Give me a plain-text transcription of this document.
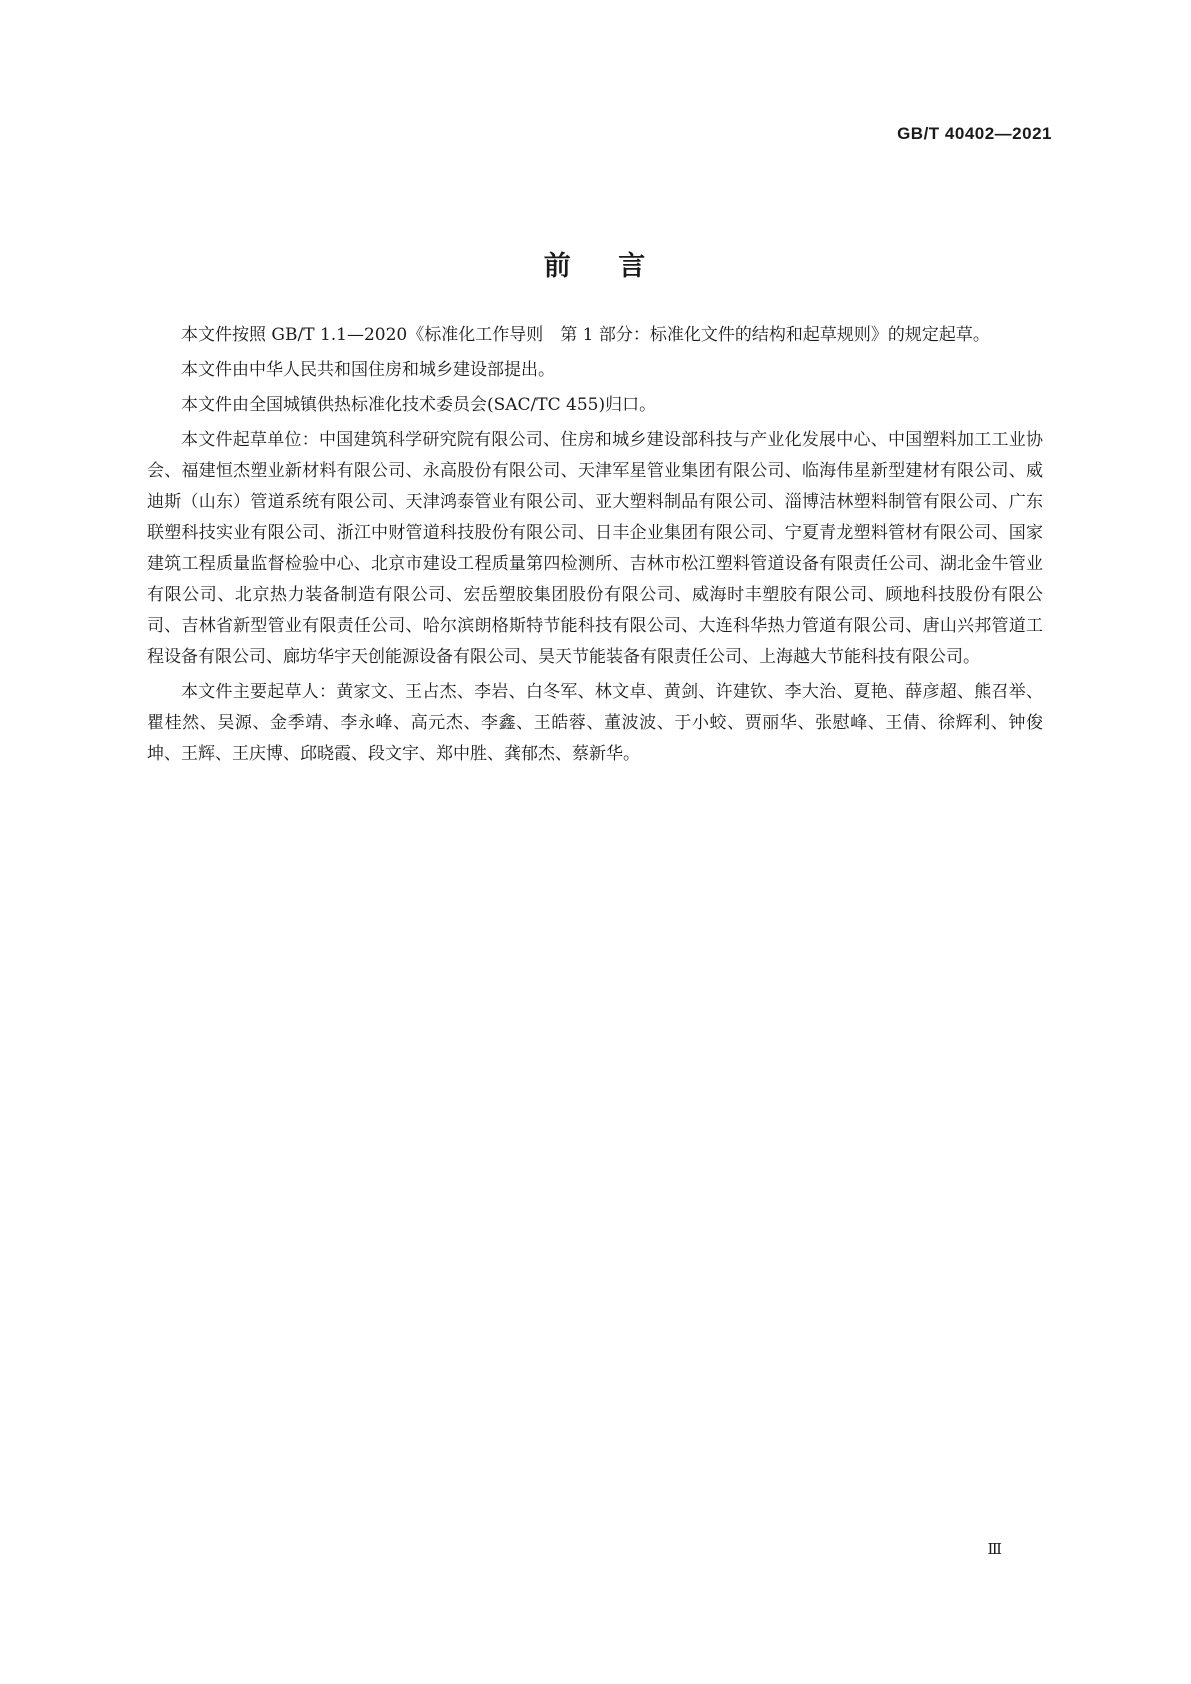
GB/T 40402—2021
前    言

本文件按照 GB/T 1.1—2020《标准化工作导则　第 1 部分：标准化文件的结构和起草规则》的规定起草。

本文件由中华人民共和国住房和城乡建设部提出。

本文件由全国城镇供热标准化技术委员会(SAC/TC 455)归口。

本文件起草单位：中国建筑科学研究院有限公司、住房和城乡建设部科技与产业化发展中心、中国塑料加工工业协会、福建恒杰塑业新材料有限公司、永高股份有限公司、天津军星管业集团有限公司、临海伟星新型建材有限公司、威迪斯（山东）管道系统有限公司、天津鸿泰管业有限公司、亚大塑料制品有限公司、淄博洁林塑料制管有限公司、广东联塑科技实业有限公司、浙江中财管道科技股份有限公司、日丰企业集团有限公司、宁夏青龙塑料管材有限公司、国家建筑工程质量监督检验中心、北京市建设工程质量第四检测所、吉林市松江塑料管道设备有限责任公司、湖北金牛管业有限公司、北京热力装备制造有限公司、宏岳塑胶集团股份有限公司、威海时丰塑胶有限公司、顾地科技股份有限公司、吉林省新型管业有限责任公司、哈尔滨朗格斯特节能科技有限公司、大连科华热力管道有限公司、唐山兴邦管道工程设备有限公司、廊坊华宇天创能源设备有限公司、昊天节能装备有限责任公司、上海越大节能科技有限公司。

本文件主要起草人：黄家文、王占杰、李岩、白冬军、林文卓、黄剑、许建钦、李大治、夏艳、薛彦超、熊召举、瞿桂然、吴源、金季靖、李永峰、高元杰、李鑫、王皓蓉、董波波、于小蛟、贾丽华、张慰峰、王倩、徐辉利、钟俊坤、王辉、王庆博、邱晓霞、段文宇、郑中胜、龚郁杰、蔡新华。

Ⅲ
